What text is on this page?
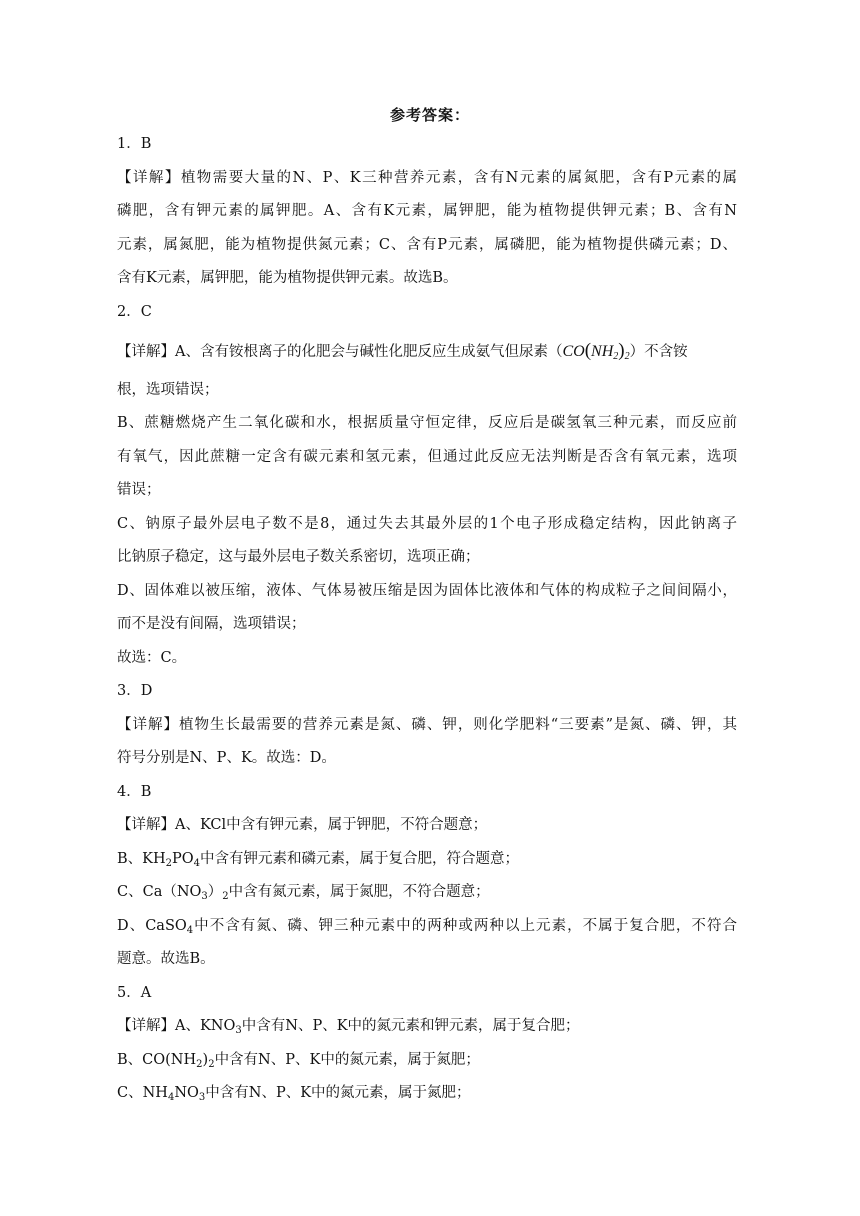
参考答案：
1．B
【详解】植物需要大量的N、P、K三种营养元素，含有N元素的属氮肥，含有P元素的属
磷肥，含有钾元素的属钾肥。A、含有K元素，属钾肥，能为植物提供钾元素；B、含有N
元素，属氮肥，能为植物提供氮元素；C、含有P元素，属磷肥，能为植物提供磷元素；D、
含有K元素，属钾肥，能为植物提供钾元素。故选B。
2．C
【详解】A、含有铵根离子的化肥会与碱性化肥反应生成氨气但尿素$(CO(NH_2)_2)$不含铵
根，选项错误；
B、蔗糖燃烧产生二氧化碳和水，根据质量守恒定律，反应后是碳氢氧三种元素，而反应前
有氧气，因此蔗糖一定含有碳元素和氢元素，但通过此反应无法判断是否含有氧元素，选项
错误；
C、钠原子最外层电子数不是8，通过失去其最外层的1个电子形成稳定结构，因此钠离子
比钠原子稳定，这与最外层电子数关系密切，选项正确；
D、固体难以被压缩，液体、气体易被压缩是因为固体比液体和气体的构成粒子之间间隔小，
而不是没有间隔，选项错误；
故选：C。
3．D
【详解】植物生长最需要的营养元素是氮、磷、钾，则化学肥料“三要素”是氮、磷、钾，其
符号分别是N、P、K。故选：D。
4．B
【详解】A、KCl中含有钾元素，属于钾肥，不符合题意；
B、$KH_2PO_4$中含有钾元素和磷元素，属于复合肥，符合题意；
C、$Ca(NO_3)_2$中含有氮元素，属于氮肥，不符合题意；
D、CaSO$_4$中不含有氮、磷、钾三种元素中的两种或两种以上元素，不属于复合肥，不符合
题意。故选B。
5．A
【详解】A、$KNO_3$中含有N、P、K中的氮元素和钾元素，属于复合肥；
B、$CO(NH_2)_2$中含有N、P、K中的氮元素，属于氮肥；
C、$NH_4NO_3$中含有N、P、K中的氮元素，属于氮肥；
